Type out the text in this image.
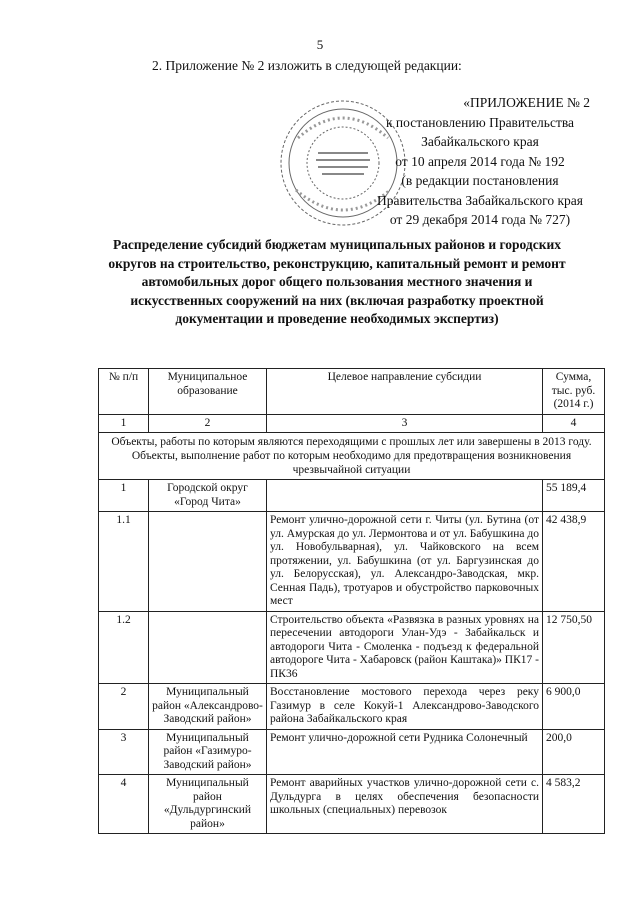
5
2. Приложение № 2 изложить в следующей редакции:
«ПРИЛОЖЕНИЕ № 2
к постановлению Правительства
Забайкальского края
от 10 апреля 2014 года № 192
(в редакции постановления
Правительства Забайкальского края
от 29 декабря 2014 года № 727)
Распределение субсидий бюджетам муниципальных районов и городских округов на строительство, реконструкцию, капитальный ремонт и ремонт автомобильных дорог общего пользования местного значения и искусственных сооружений на них (включая разработку проектной документации и проведение необходимых экспертиз)
№ п/п	Муниципальное образование	Целевое направление субсидии	Сумма, тыс. руб. (2014 г.)
1	2	3	4
Объекты, работы по которым являются переходящими с прошлых лет или завершены в 2013 году. Объекты, выполнение работ по которым необходимо для предотвращения возникновения чрезвычайной ситуации			
1	Городской округ «Город Чита»		55 189,4
1.1		Ремонт улично-дорожной сети г. Читы (ул. Бутина (от ул. Амурская до ул. Лермонтова и от ул. Бабушкина до ул. Новобульварная), ул. Чайковского на всем протяжении, ул. Бабушкина (от ул. Баргузинская до ул. Белорусская), ул. Александро-Заводская, мкр. Сенная Падь), тротуаров и обустройство парковочных мест	42 438,9
1.2		Строительство объекта «Развязка в разных уровнях на пересечении автодороги Улан-Удэ - Забайкальск и автодороги Чита - Смоленка - подъезд к федеральной автодороге Чита - Хабаровск (район Каштака)» ПК17 - ПК36	12 750,50
2	Муниципальный район «Александрово-Заводский район»	Восстановление мостового перехода через реку Газимур в селе Кокуй-1 Александрово-Заводского района Забайкальского края	6 900,0
3	Муниципальный район «Газимуро-Заводский район»	Ремонт улично-дорожной сети Рудника Солонечный	200,0
4	Муниципальный район «Дульдургинский район»	Ремонт аварийных участков улично-дорожной сети с. Дульдурга в целях обеспечения безопасности школьных (специальных) перевозок	4 583,2
